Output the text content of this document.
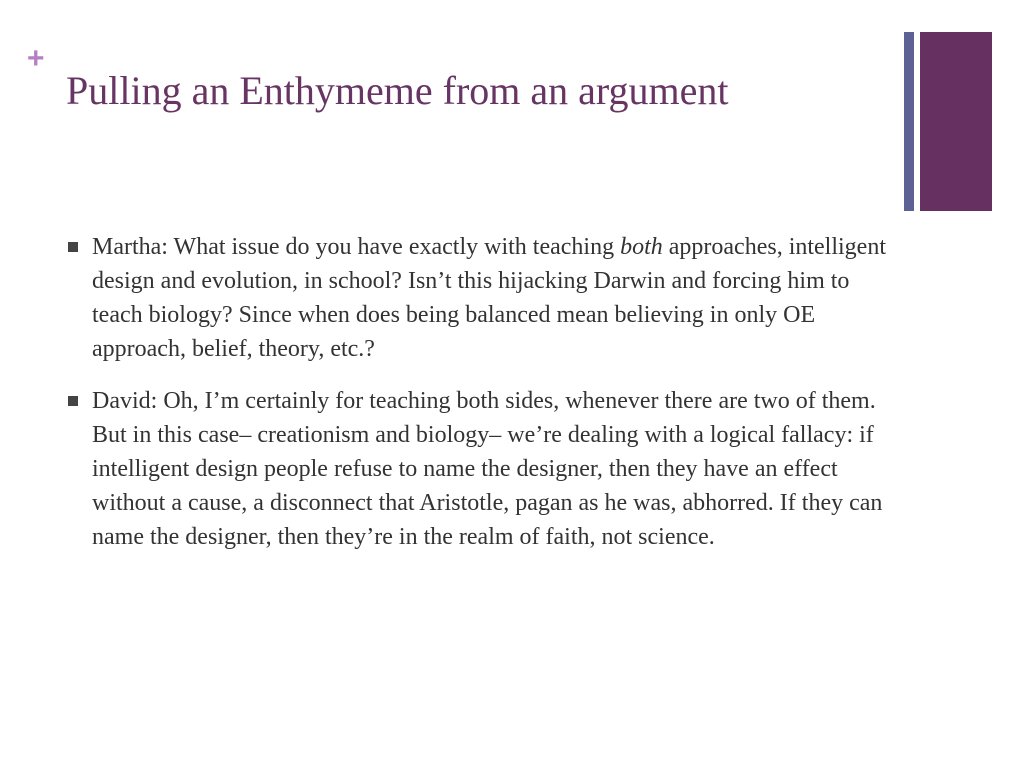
+
Pulling an Enthymeme from an argument
Martha: What issue do you have exactly with teaching both approaches, intelligent design and evolution, in school? Isn’t this hijacking Darwin and forcing him to teach biology? Since when does being balanced mean believing in only OE approach, belief, theory, etc.?
David: Oh, I’m certainly for teaching both sides, whenever there are two of them. But in this case– creationism and biology– we’re dealing with a logical fallacy: if intelligent design people refuse to name the designer, then they have an effect without a cause, a disconnect that Aristotle, pagan as he was, abhorred. If they can name the designer, then they’re in the realm of faith, not science.
